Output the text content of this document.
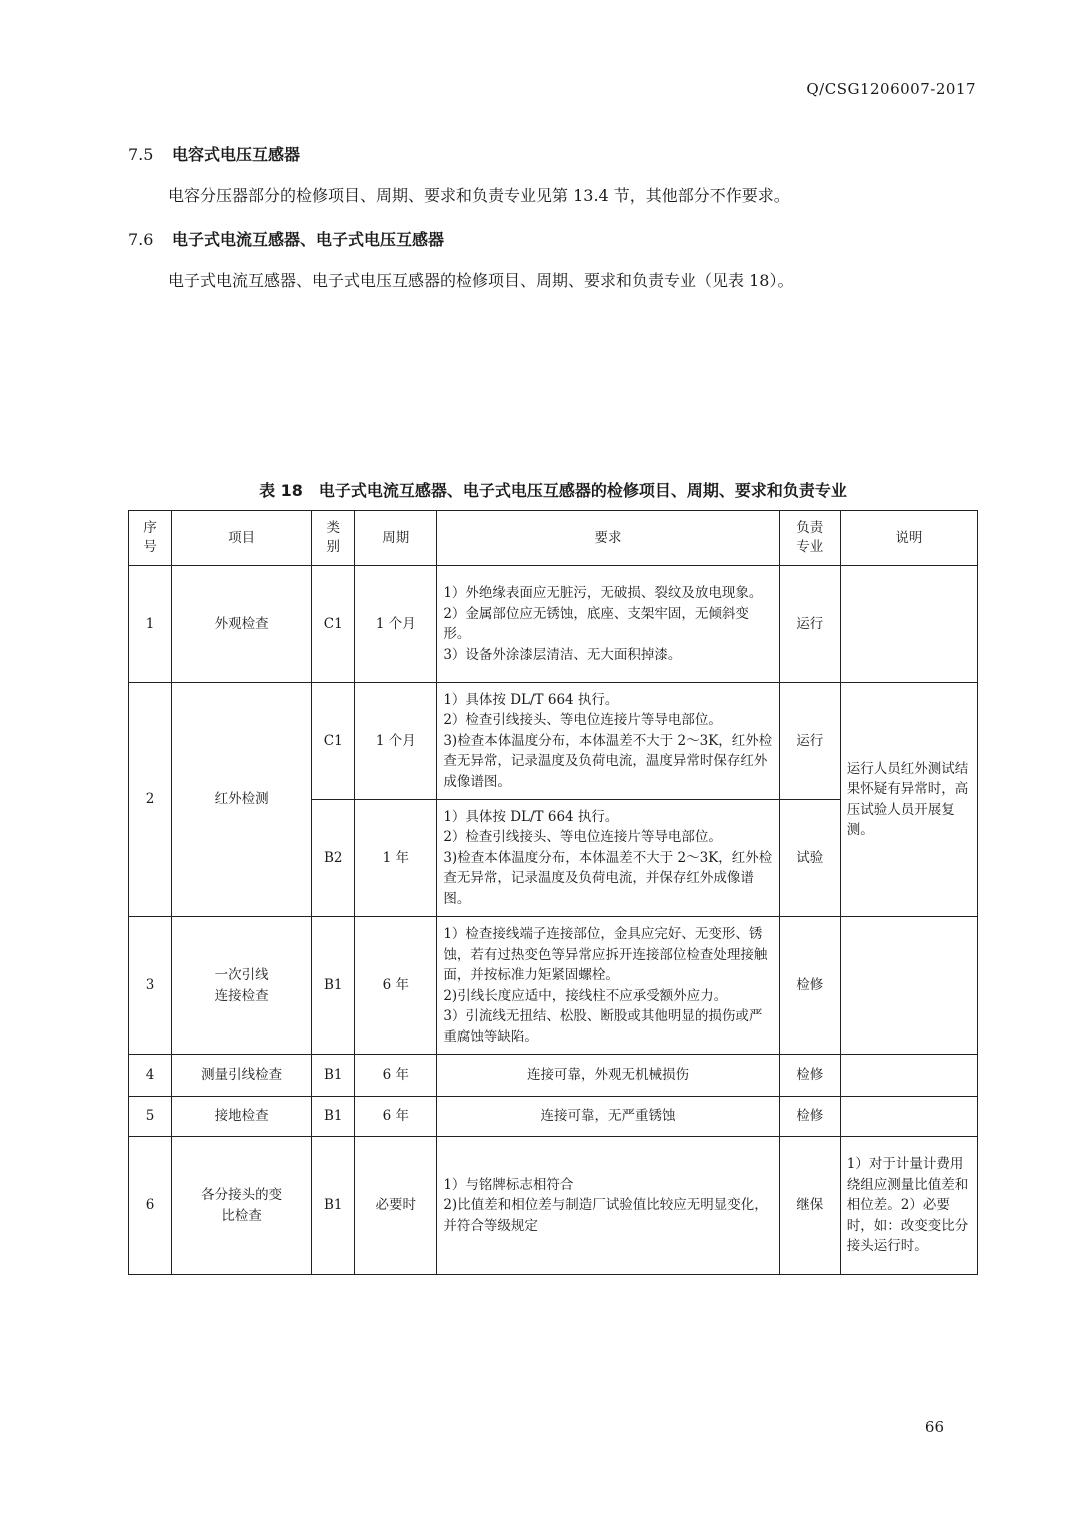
Q/CSG1206007-2017
7.5 电容式电压互感器
电容分压器部分的检修项目、周期、要求和负责专业见第 13.4 节，其他部分不作要求。
7.6 电子式电流互感器、电子式电压互感器
电子式电流互感器、电子式电压互感器的检修项目、周期、要求和负责专业（见表 18）。
表 18　电子式电流互感器、电子式电压互感器的检修项目、周期、要求和负责专业
序号	项目	类别	周期	要求	负责专业	说明
1	外观检查	C1	1 个月	1）外绝缘表面应无脏污，无破损、裂纹及放电现象。
2）金属部位应无锈蚀，底座、支架牢固，无倾斜变形。
3）设备外涂漆层清洁、无大面积掉漆。	运行	
2	红外检测	C1	1 个月	1）具体按 DL/T 664 执行。
2）检查引线接头、等电位连接片等导电部位。
3)检查本体温度分布，本体温差不大于 2～3K，红外检查无异常，记录温度及负荷电流，温度异常时保存红外成像谱图。	运行	运行人员红外测试结果怀疑有异常时，高压试验人员开展复测。
		B2	1 年	1）具体按 DL/T 664 执行。
2）检查引线接头、等电位连接片等导电部位。
3)检查本体温度分布，本体温差不大于 2～3K，红外检查无异常，记录温度及负荷电流，并保存红外成像谱图。	试验	
3	一次引线连接检查	B1	6 年	1）检查接线端子连接部位，金具应完好、无变形、锈蚀，若有过热变色等异常应拆开连接部位检查处理接触面，并按标准力矩紧固螺栓。
2)引线长度应适中，接线柱不应承受额外应力。
3）引流线无扭结、松股、断股或其他明显的损伤或严重腐蚀等缺陷。	检修	
4	测量引线检查	B1	6 年	连接可靠，外观无机械损伤	检修	
5	接地检查	B1	6 年	连接可靠，无严重锈蚀	检修	
6	各分接头的变比检查	B1	必要时	1）与铭牌标志相符合
2)比值差和相位差与制造厂试验值比较应无明显变化，并符合等级规定	继保	1）对于计量计费用绕组应测量比值差和相位差。2）必要时，如：改变变比分接头运行时。
66
